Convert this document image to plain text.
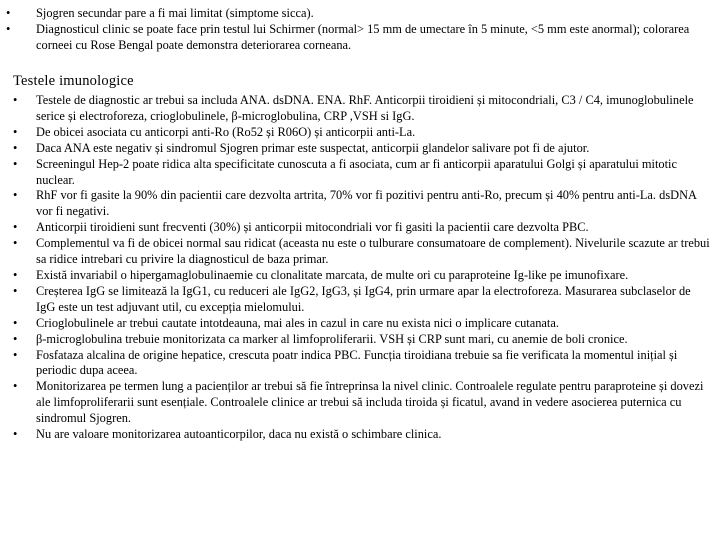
•	Sjogren secundar pare a fi mai limitat (simptome sicca).
•	Diagnosticul clinic se poate face prin testul lui Schirmer (normal> 15 mm de umectare în 5 minute, <5 mm este anormal); colorarea corneei cu Rose Bengal poate demonstra deteriorarea corneana.
Testele imunologice
•	Testele de diagnostic ar trebui sa includa ANA. dsDNA. ENA. RhF. Anticorpii tiroidieni și mitocondriali, C3 / C4, imunoglobulinele serice și electroforeza, crioglobulinele, β-microglobulina, CRP ,VSH si IgG.
•	De obicei asociata cu anticorpi anti-Ro (Ro52 și R06O) și anticorpii anti-La.
•	Daca ANA este negativ și sindromul Sjogren primar este suspectat, anticorpii glandelor salivare pot fi de ajutor.
•	Screeningul Hep-2 poate ridica alta specificitate cunoscuta a fi asociata, cum ar fi anticorpii aparatului Golgi și aparatului mitotic nuclear.
•	RhF vor fi gasite la 90% din pacientii care dezvolta artrita, 70% vor fi pozitivi pentru anti-Ro, precum și 40% pentru anti-La. dsDNA vor fi negativi.
•	Anticorpii tiroidieni sunt frecventi (30%) și anticorpii mitocondriali vor fi gasiti la pacientii care dezvolta PBC.
•	Complementul va fi de obicei normal sau ridicat (aceasta nu este o tulburare consumatoare de complement). Nivelurile scazute ar trebui sa ridice intrebari cu privire la diagnosticul de baza primar.
•	Există invariabil o hipergamaglobulinaemie cu clonalitate marcata, de multe ori cu paraproteine Ig-like pe imunofixare.
•	Creșterea IgG se limitează la IgG1, cu reduceri ale IgG2, IgG3, și IgG4, prin urmare apar la electroforeza. Masurarea subclaselor de IgG este un test adjuvant util, cu excepția mielomului.
•	Crioglobulinele ar trebui cautate intotdeauna, mai ales in cazul in care nu exista nici o implicare cutanata.
•	β-microglobulina trebuie monitorizata ca marker al limfoproliferarii. VSH și CRP sunt mari, cu anemie de boli cronice.
•	Fosfataza alcalina de origine hepatice, crescuta poatr indica PBC. Funcția tiroidiana trebuie sa fie verificata la momentul inițial și periodic dupa aceea.
•	Monitorizarea pe termen lung a pacienților ar trebui să fie întreprinsa la nivel clinic. Controalele regulate pentru paraproteine și dovezi ale limfoproliferarii sunt esențiale. Controalele clinice ar trebui să includa tiroida și ficatul, avand in vedere asocierea puternica cu sindromul Sjogren.
•	Nu are valoare monitorizarea autoanticorpilor, daca nu există o schimbare clinica.
